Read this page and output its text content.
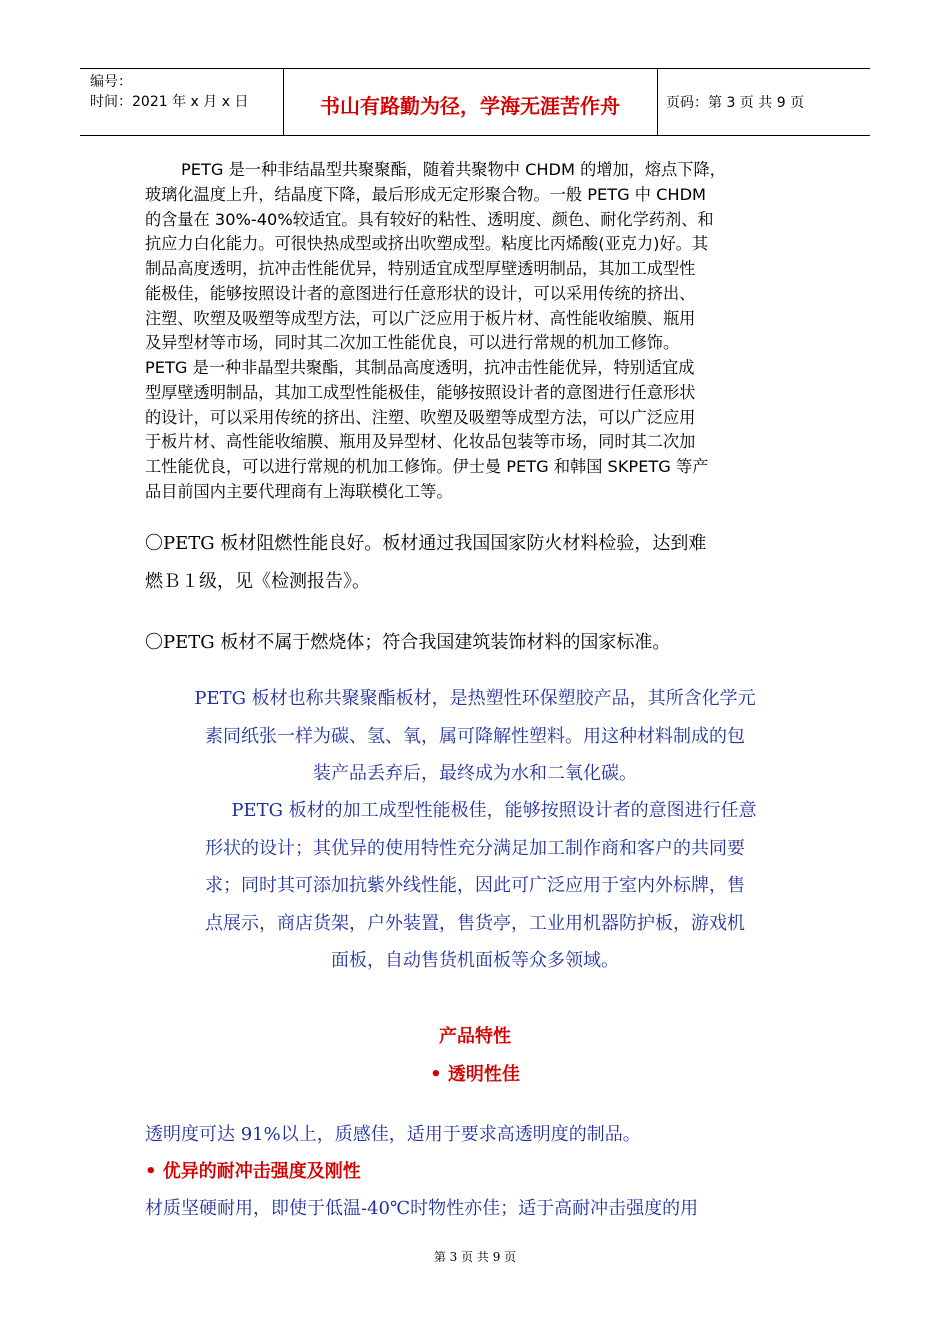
编号：
时间：2021 年 x 月 x 日	书山有路勤为径，学海无涯苦作舟	页码：第 3 页 共 9 页

PETG 是一种非结晶型共聚聚酯，随着共聚物中 CHDM 的增加，熔点下降，

玻璃化温度上升，结晶度下降，最后形成无定形聚合物。一般 PETG 中 CHDM

的含量在 30%-40%较适宜。具有较好的粘性、透明度、颜色、耐化学药剂、和

抗应力白化能力。可很快热成型或挤出吹塑成型。粘度比丙烯酸(亚克力)好。其

制品高度透明，抗冲击性能优异，特别适宜成型厚壁透明制品，其加工成型性

能极佳，能够按照设计者的意图进行任意形状的设计，可以采用传统的挤出、

注塑、吹塑及吸塑等成型方法，可以广泛应用于板片材、高性能收缩膜、瓶用

及异型材等市场，同时其二次加工性能优良，可以进行常规的机加工修饰。

PETG 是一种非晶型共聚酯，其制品高度透明，抗冲击性能优异，特别适宜成

型厚壁透明制品，其加工成型性能极佳，能够按照设计者的意图进行任意形状

的设计，可以采用传统的挤出、注塑、吹塑及吸塑等成型方法，可以广泛应用

于板片材、高性能收缩膜、瓶用及异型材、化妆品包装等市场，同时其二次加

工性能优良，可以进行常规的机加工修饰。伊士曼 PETG 和韩国 SKPETG 等产

品目前国内主要代理商有上海联模化工等。

〇PETG 板材阻燃性能良好。板材通过我国国家防火材料检验，达到难
燃Ｂ１级，见《检测报告》。
〇PETG 板材不属于燃烧体；符合我国建筑装饰材料的国家标准。
PETG 板材也称共聚聚酯板材，是热塑性环保塑胶产品，其所含化学元
素同纸张一样为碳、氢、氧，属可降解性塑料。用这种材料制成的包
装产品丢弃后，最终成为水和二氧化碳。
PETG 板材的加工成型性能极佳，能够按照设计者的意图进行任意
形状的设计；其优异的使用特性充分满足加工制作商和客户的共同要
求；同时其可添加抗紫外线性能，因此可广泛应用于室内外标牌，售
点展示，商店货架，户外装置，售货亭，工业用机器防护板，游戏机
面板，自动售货机面板等众多领域。
产品特性
• 透明性佳
透明度可达 91%以上，质感佳，适用于要求高透明度的制品。
• 优异的耐冲击强度及刚性
材质坚硬耐用，即使于低温-40℃时物性亦佳；适于高耐冲击强度的用
第 3 页 共 9 页
